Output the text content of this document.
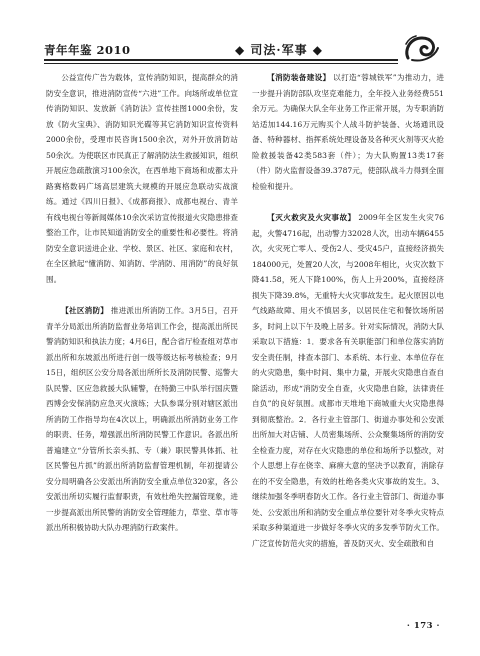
青年年鉴 2010	◆ 司法·军事 ◆

公益宣传广告为载体，宣传消防知识，提高群众的消防安全意识，推进消防宣传“六进”工作。向场所或单位宣传消防知识、发放新《消防法》宣传挂图1000余份，发放《防火宝典》、消防知识光碟等其它消防知识宣传资料2000余份，受理市民咨询1500余次，对外开放消防站50余次。为使联区市民真正了解消防法生救援知识，组织开展应急疏散演习100余次，在西单地下商场和成都太升路赛格数码广场高层建筑大规模的开展应急联动实战演练。通过《四川日报》、《成都商报》、成都电视台、青羊有线电视台等新闻媒体10余次采访宣传报道火灾隐患排查整治工作，让市民知道消防安全的重要性和必要性。将消防安全意识送进企业、学校、景区、社区、家庭和农村，在全区掀起“懂消防、知消防、学消防、用消防”的良好氛围。

【社区消防】 推进派出所消防工作。3月5日，召开青羊分局派出所消防监督业务培训工作会，提高派出所民警消防知识和执法力度；4月6日，配合省厅检查组对草市派出所和东坡派出所进行创一级等级达标考核检查；9月15日，组织区公安分局各派出所所长及消防民警、巡警大队民警、区应急救援大队辅警，在特勤三中队举行国庆暨西博会安保消防应急灭火演练；大队参谋分别对辖区派出所消防工作指导均在4次以上，明确派出所消防业务工作的职责、任务，增强派出所消防民警工作意识。各派出所普遍建立“分管所长亲头抓、专（兼）职民警具体抓、社区民警包片抓”的派出所消防监督管理机制，年初提请公安分局明确各公安派出所消防安全重点单位320家，各公安派出所切实履行监督职责，有效杜绝失控漏管现象，进一步提高派出所民警的消防安全管理能力，草堂、草市等派出所积极协助大队办理消防行政案件。

【消防装备建设】 以打造“蓉城铁军”为推动力，进一步提升消防部队攻坚克难能力，全年投入业务经费551余万元。为确保大队全年业务工作正常开展，为专职消防站适加144.16万元购买个人战斗防护装备、火场通讯设备、特种器材、指挥系统处理设备及各种灭火剂等灭火抢险救援装备42类583套（件）；为大队购置13类17套（件）防火监督设备39.3787元，使部队战斗力得到全面检验和提升。

【灭火救灾及火灾事故】 2009年全区发生火灾76起，火警4716起，出动警力32028人次，出动车辆6455次，火灾死亡零人、受伤2人、受灾45户，直接经济损失184000元，处置20人次，与2008年相比，火灾次数下降41.58，死人下降100%，伤人上升200%，直接经济损失下降39.8%，无重特大火灾事故发生。起火原因以电气线路故障、用火不慎居多，以居民住宅和餐饮场所居多，时间上以下午及晚上居多。针对实际情况，消防大队采取以下措施：1．要求各有关职能部门和单位落实消防安全责任制，排查本部门、本系统、本行业、本单位存在的火灾隐患，集中时间、集中力量，开展火灾隐患自查自除活动，形成“消防安全自查，火灾隐患自除，法律责任自负”的良好氛围。成都市天堆地下商城重大火灾隐患得到彻底整治。2．各行业主管部门、街道办事处和公安派出所加大对店铺、人员密集场所、公众聚集场所的消防安全检查力度，对存在火灾隐患的单位和场所予以整改，对个人思想上存在侥幸、麻痹大意的坚决予以教育，消除存在的不安全隐患，有效的杜绝各类火灾事故的发生。3、继续加强冬季明春防火工作。各行业主管部门、街道办事处、公安派出所和消防安全重点单位要针对冬季火灾特点采取多种渠道进一步做好冬季火灾的多发季节防火工作。广泛宣传防范火灾的措施，普及防灭火、安全疏散和自

· 173 ·
